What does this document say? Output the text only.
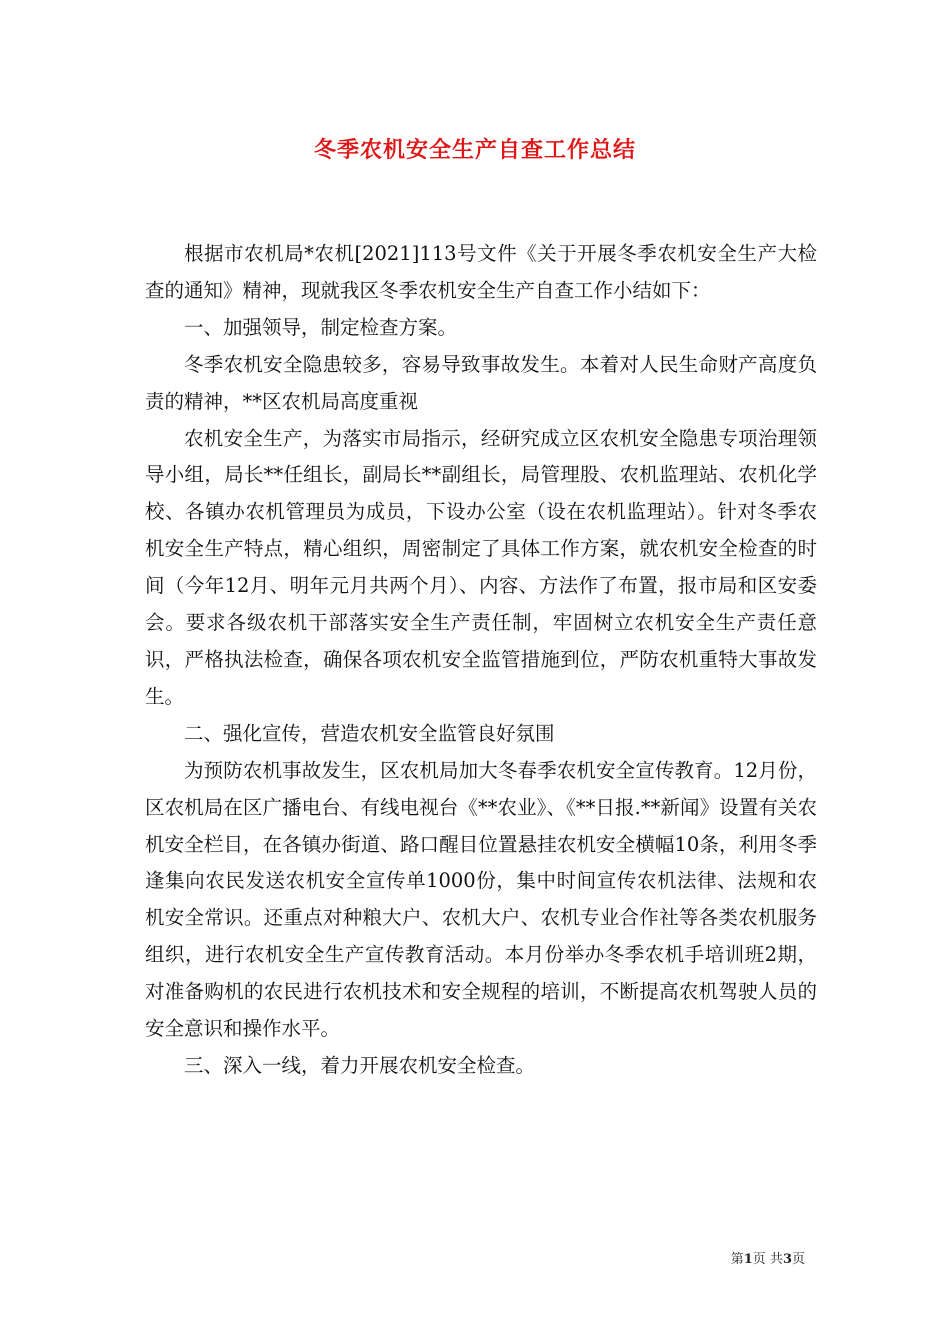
冬季农机安全生产自查工作总结

根据市农机局*农机[2021]113号文件《关于开展冬季农机安全生产大检查的通知》精神，现就我区冬季农机安全生产自查工作小结如下：

一、加强领导，制定检查方案。

冬季农机安全隐患较多，容易导致事故发生。本着对人民生命财产高度负责的精神，**区农机局高度重视

农机安全生产，为落实市局指示，经研究成立区农机安全隐患专项治理领导小组，局长**任组长，副局长**副组长，局管理股、农机监理站、农机化学校、各镇办农机管理员为成员，下设办公室（设在农机监理站）。针对冬季农机安全生产特点，精心组织，周密制定了具体工作方案，就农机安全检查的时间（今年12月、明年元月共两个月）、内容、方法作了布置，报市局和区安委会。要求各级农机干部落实安全生产责任制，牢固树立农机安全生产责任意识，严格执法检查，确保各项农机安全监管措施到位，严防农机重特大事故发生。

二、强化宣传，营造农机安全监管良好氛围

为预防农机事故发生，区农机局加大冬春季农机安全宣传教育。12月份，区农机局在区广播电台、有线电视台《**农业》、《**日报.**新闻》设置有关农机安全栏目，在各镇办街道、路口醒目位置悬挂农机安全横幅10条，利用冬季逢集向农民发送农机安全宣传单1000份，集中时间宣传农机法律、法规和农机安全常识。还重点对种粮大户、农机大户、农机专业合作社等各类农机服务组织，进行农机安全生产宣传教育活动。本月份举办冬季农机手培训班2期，对准备购机的农民进行农机技术和安全规程的培训，不断提高农机驾驶人员的安全意识和操作水平。

三、深入一线，着力开展农机安全检查。

第1页 共3页
